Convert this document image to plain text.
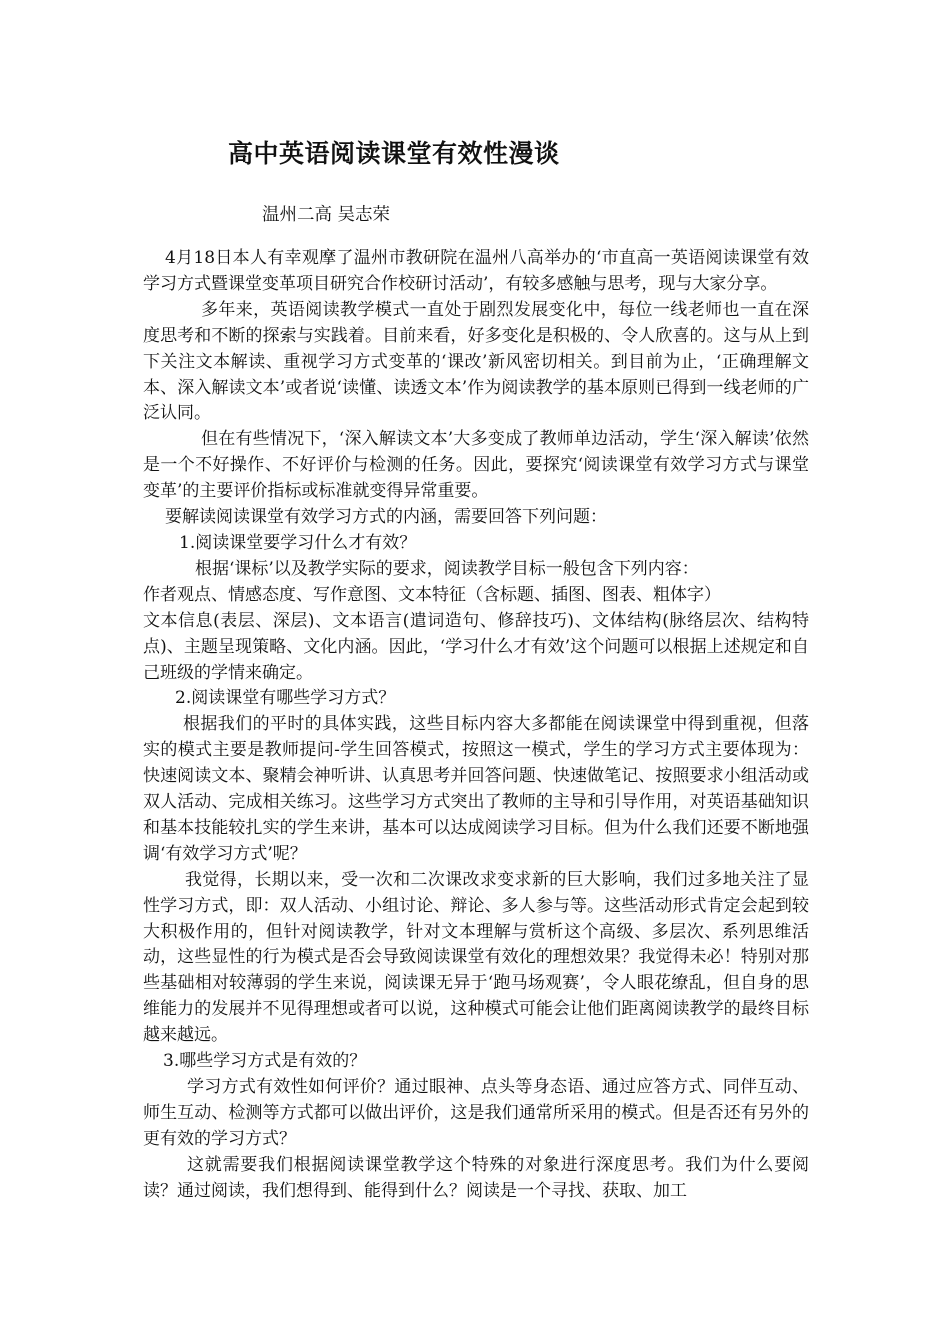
高中英语阅读课堂有效性漫谈
温州二高 吴志荣

4月18日本人有幸观摩了温州市教研院在温州八高举办的‘市直高一英语阅读课堂有效学习方式暨课堂变革项目研究合作校研讨活动’，有较多感触与思考，现与大家分享。

多年来，英语阅读教学模式一直处于剧烈发展变化中，每位一线老师也一直在深度思考和不断的探索与实践着。目前来看，好多变化是积极的、令人欣喜的。这与从上到下关注文本解读、重视学习方式变革的‘课改’新风密切相关。到目前为止，‘正确理解文本、深入解读文本’或者说‘读懂、读透文本’作为阅读教学的基本原则已得到一线老师的广泛认同。

但在有些情况下，‘深入解读文本’大多变成了教师单边活动，学生‘深入解读’依然是一个不好操作、不好评价与检测的任务。因此，要探究‘阅读课堂有效学习方式与课堂变革’的主要评价指标或标准就变得异常重要。

要解读阅读课堂有效学习方式的内涵，需要回答下列问题：

1.阅读课堂要学习什么才有效？

根据‘课标’以及教学实际的要求，阅读教学目标一般包含下列内容：

作者观点、情感态度、写作意图、文本特征（含标题、插图、图表、粗体字）

文本信息(表层、深层)、文本语言(遣词造句、修辞技巧)、文体结构(脉络层次、结构特点)、主题呈现策略、文化内涵。因此，‘学习什么才有效’这个问题可以根据上述规定和自己班级的学情来确定。

2.阅读课堂有哪些学习方式？

根据我们的平时的具体实践，这些目标内容大多都能在阅读课堂中得到重视，但落实的模式主要是教师提问-学生回答模式，按照这一模式，学生的学习方式主要体现为：快速阅读文本、聚精会神听讲、认真思考并回答问题、快速做笔记、按照要求小组活动或双人活动、完成相关练习。这些学习方式突出了教师的主导和引导作用，对英语基础知识和基本技能较扎实的学生来讲，基本可以达成阅读学习目标。但为什么我们还要不断地强调‘有效学习方式’呢？

我觉得，长期以来，受一次和二次课改求变求新的巨大影响，我们过多地关注了显性学习方式，即：双人活动、小组讨论、辩论、多人参与等。这些活动形式肯定会起到较大积极作用的，但针对阅读教学，针对文本理解与赏析这个高级、多层次、系列思维活动，这些显性的行为模式是否会导致阅读课堂有效化的理想效果？我觉得未必！特别对那些基础相对较薄弱的学生来说，阅读课无异于‘跑马场观赛’，令人眼花缭乱，但自身的思维能力的发展并不见得理想或者可以说，这种模式可能会让他们距离阅读教学的最终目标越来越远。

3.哪些学习方式是有效的？

学习方式有效性如何评价？通过眼神、点头等身态语、通过应答方式、同伴互动、师生互动、检测等方式都可以做出评价，这是我们通常所采用的模式。但是否还有另外的更有效的学习方式？

这就需要我们根据阅读课堂教学这个特殊的对象进行深度思考。我们为什么要阅读？通过阅读，我们想得到、能得到什么？阅读是一个寻找、获取、加工
